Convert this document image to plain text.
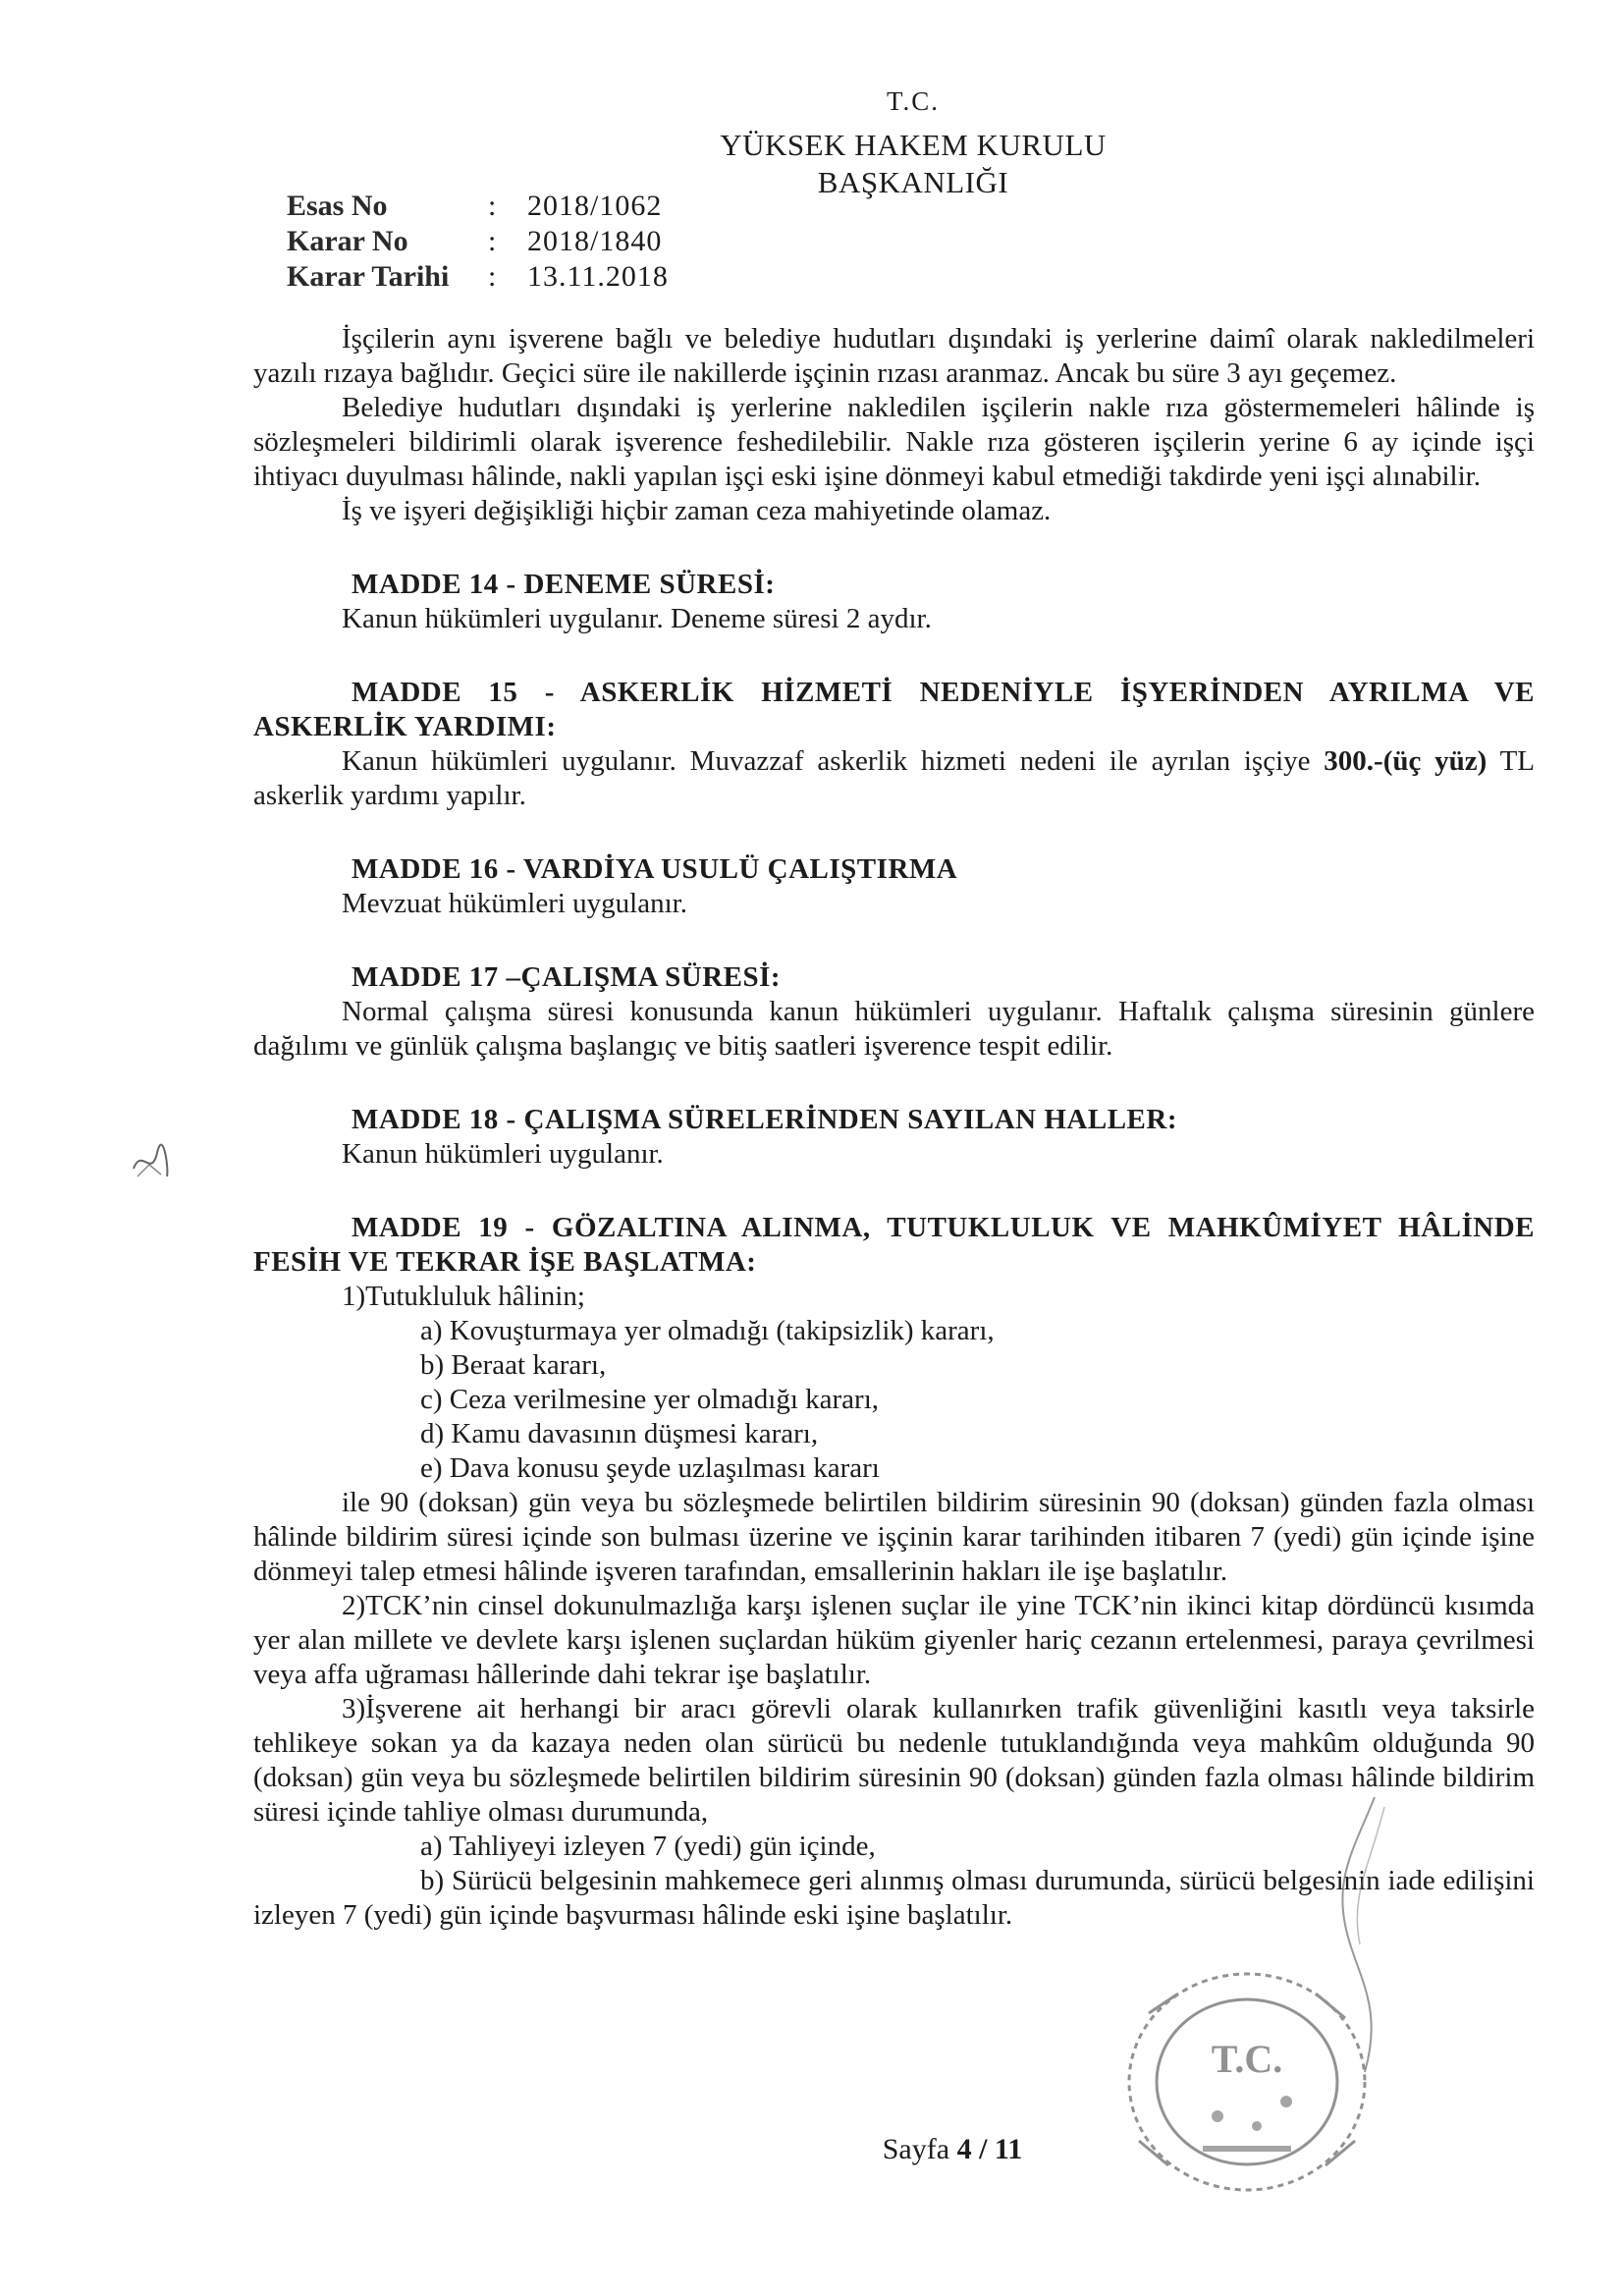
T.C.
YÜKSEK HAKEM KURULU
BAŞKANLIĞI
Esas No	:	2018/1062
Karar No	:	2018/1840
Karar Tarihi	:	13.11.2018

İşçilerin aynı işverene bağlı ve belediye hudutları dışındaki iş yerlerine daimî olarak nakledilmeleri yazılı rızaya bağlıdır. Geçici süre ile nakillerde işçinin rızası aranmaz. Ancak bu süre 3 ayı geçemez.

Belediye hudutları dışındaki iş yerlerine nakledilen işçilerin nakle rıza göstermemeleri hâlinde iş sözleşmeleri bildirimli olarak işverence feshedilebilir. Nakle rıza gösteren işçilerin yerine 6 ay içinde işçi ihtiyacı duyulması hâlinde, nakli yapılan işçi eski işine dönmeyi kabul etmediği takdirde yeni işçi alınabilir.

İş ve işyeri değişikliği hiçbir zaman ceza mahiyetinde olamaz.

MADDE 14 - DENEME SÜRESİ:

Kanun hükümleri uygulanır. Deneme süresi 2 aydır.

MADDE 15 - ASKERLİK HİZMETİ NEDENİYLE İŞYERİNDEN AYRILMA VE ASKERLİK YARDIMI:

Kanun hükümleri uygulanır. Muvazzaf askerlik hizmeti nedeni ile ayrılan işçiye 300.-(üç yüz) TL askerlik yardımı yapılır.

MADDE 16 - VARDİYA USULÜ ÇALIŞTIRMA

Mevzuat hükümleri uygulanır.

MADDE 17 –ÇALIŞMA SÜRESİ:

Normal çalışma süresi konusunda kanun hükümleri uygulanır. Haftalık çalışma süresinin günlere dağılımı ve günlük çalışma başlangıç ve bitiş saatleri işverence tespit edilir.

MADDE 18 - ÇALIŞMA SÜRELERİNDEN SAYILAN HALLER:

Kanun hükümleri uygulanır.

MADDE 19 - GÖZALTINA ALINMA, TUTUKLULUK VE MAHKÛMİYET HÂLİNDE FESİH VE TEKRAR İŞE BAŞLATMA:

1)Tutukluluk hâlinin;

a) Kovuşturmaya yer olmadığı (takipsizlik) kararı,

b) Beraat kararı,

c) Ceza verilmesine yer olmadığı kararı,

d) Kamu davasının düşmesi kararı,

e) Dava konusu şeyde uzlaşılması kararı

ile 90 (doksan) gün veya bu sözleşmede belirtilen bildirim süresinin 90 (doksan) günden fazla olması hâlinde bildirim süresi içinde son bulması üzerine ve işçinin karar tarihinden itibaren 7 (yedi) gün içinde işine dönmeyi talep etmesi hâlinde işveren tarafından, emsallerinin hakları ile işe başlatılır.

2)TCK’nin cinsel dokunulmazlığa karşı işlenen suçlar ile yine TCK’nin ikinci kitap dördüncü kısımda yer alan millete ve devlete karşı işlenen suçlardan hüküm giyenler hariç cezanın ertelenmesi, paraya çevrilmesi veya affa uğraması hâllerinde dahi tekrar işe başlatılır.

3)İşverene ait herhangi bir aracı görevli olarak kullanırken trafik güvenliğini kasıtlı veya taksirle tehlikeye sokan ya da kazaya neden olan sürücü bu nedenle tutuklandığında veya mahkûm olduğunda 90 (doksan) gün veya bu sözleşmede belirtilen bildirim süresinin 90 (doksan) günden fazla olması hâlinde bildirim süresi içinde tahliye olması durumunda,

a) Tahliyeyi izleyen 7 (yedi) gün içinde,

b) Sürücü belgesinin mahkemece geri alınmış olması durumunda, sürücü belgesinin iade edilişini izleyen 7 (yedi) gün içinde başvurması hâlinde eski işine başlatılır.

Sayfa 4 / 11
T.C.
